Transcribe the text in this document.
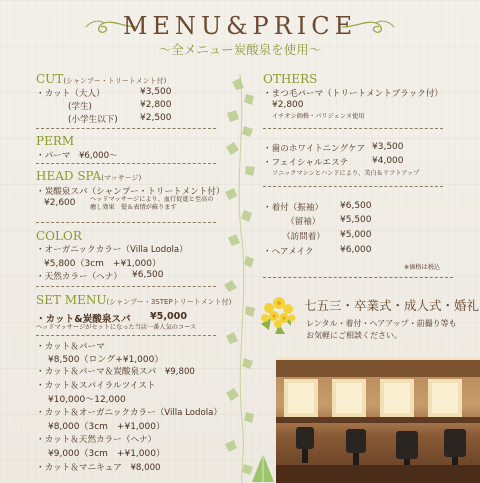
MENU&PRICE
〜全メニュー炭酸泉を使用〜
CUT(シャンプー・トリートメント付)
・カット（大人）	¥3,500
(学生)	¥2,800
(小学生以下) ¥2,500
PERM
・パーマ　¥6,000〜
HEAD SPA(マッサージ)
・炭酸泉スパ（シャンプー・トリートメント付）
¥2,600 ヘッドマッサージにより、血行促進と至高の
癒し効果　髪＆表情が蘇ります
COLOR
・オーガニックカラー（Villa Lodola）
¥5,800（3cm　+¥1,000）
・天然カラー（ヘナ） ¥6,500
SET MENU(シャンプー・3STEPトリートメント付)
・カット&炭酸泉スパ ¥5,000
ヘッドマッサージがセットになった当店一番人気のコース
・カット＆パーマ
¥8,500（ロング+¥1,000）
・カット＆パーマ＆炭酸泉スパ　¥9,800
・カット＆スパイラルツイスト
¥10,000〜12,000
・カット＆オーガニックカラー（Villa Lodola）
¥8,000（3cm　+¥1,000）
・カット＆天然カラー（ヘナ）
¥9,000（3cm　+¥1,000）
・カット＆マニキュア　¥8,000
OTHERS
・まつ毛パーマ（トリートメントブラック付）
¥2,800
イチオシ価格・パリジェンヌ使用
・歯のホワイトニングケア ¥3,500
・フェイシャルエステ	¥4,000
ソニックマシンとハンドにより、美白＆リフトアップ
・着付（振袖） ¥6,500
（留袖） ¥5,500
（訪問着） ¥5,000
・ヘアメイク	¥6,000
※価格は税込
七五三・卒業式・成人式・婚礼
レンタル・着付・ヘアアップ・前撮り等も
お気軽にご相談ください。
